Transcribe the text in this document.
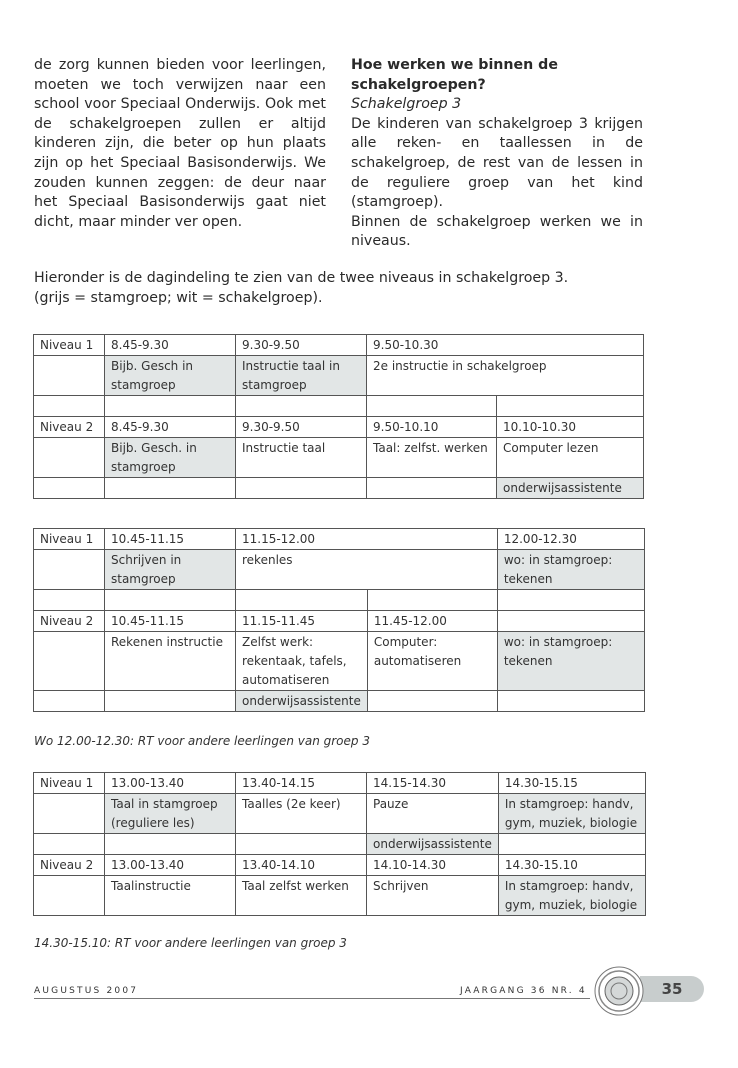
de zorg kunnen bieden voor leerlingen, moeten we toch verwijzen naar een school voor Speciaal Onderwijs. Ook met de schakelgroepen zullen er altijd kinderen zijn, die beter op hun plaats zijn op het Speciaal Basisonderwijs. We zouden kunnen zeggen: de deur naar het Speciaal Basisonderwijs gaat niet dicht, maar minder ver open.

Hoe werken we binnen de schakelgroepen?

Schakelgroep 3

De kinderen van schakelgroep 3 krijgen alle reken- en taallessen in de schakelgroep, de rest van de lessen in de reguliere groep van het kind (stamgroep).

Binnen de schakelgroep werken we in niveaus.

Hieronder is de dagindeling te zien van de twee niveaus in schakelgroep 3.

(grijs = stamgroep; wit = schakelgroep).

Niveau 1	8.45-9.30	9.30-9.50	9.50-10.30	
	Bijb. Gesch in stamgroep	Instructie taal in stamgroep	2e instructie in schakelgroep	

Niveau 2	8.45-9.30	9.30-9.50	9.50-10.10	10.10-10.30
	Bijb. Gesch. in stamgroep	Instructie taal	Taal: zelfst. werken	Computer lezen
				onderwijsassistente
Niveau 1	10.45-11.15	11.15-12.00		12.00-12.30
	Schrijven in stamgroep	rekenles		wo: in stamgroep: tekenen

Niveau 2	10.45-11.15	11.15-11.45	11.45-12.00	
	Rekenen instructie	Zelfst werk: rekentaak, tafels, automatiseren	Computer: automatiseren	wo: in stamgroep: tekenen
		onderwijsassistente		
Wo 12.00-12.30: RT voor andere leerlingen van groep 3
Niveau 1	13.00-13.40	13.40-14.15	14.15-14.30	14.30-15.15
	Taal in stamgroep (reguliere les)	Taalles (2e keer)	Pauze	In stamgroep: handv, gym, muziek, biologie
			onderwijsassistente	
Niveau 2	13.00-13.40	13.40-14.10	14.10-14.30	14.30-15.10
	Taalinstructie	Taal zelfst werken	Schrijven	In stamgroep: handv, gym, muziek, biologie
14.30-15.10: RT voor andere leerlingen van groep 3
AUGUSTUS 2007	JAARGANG 36 NR. 4	35
